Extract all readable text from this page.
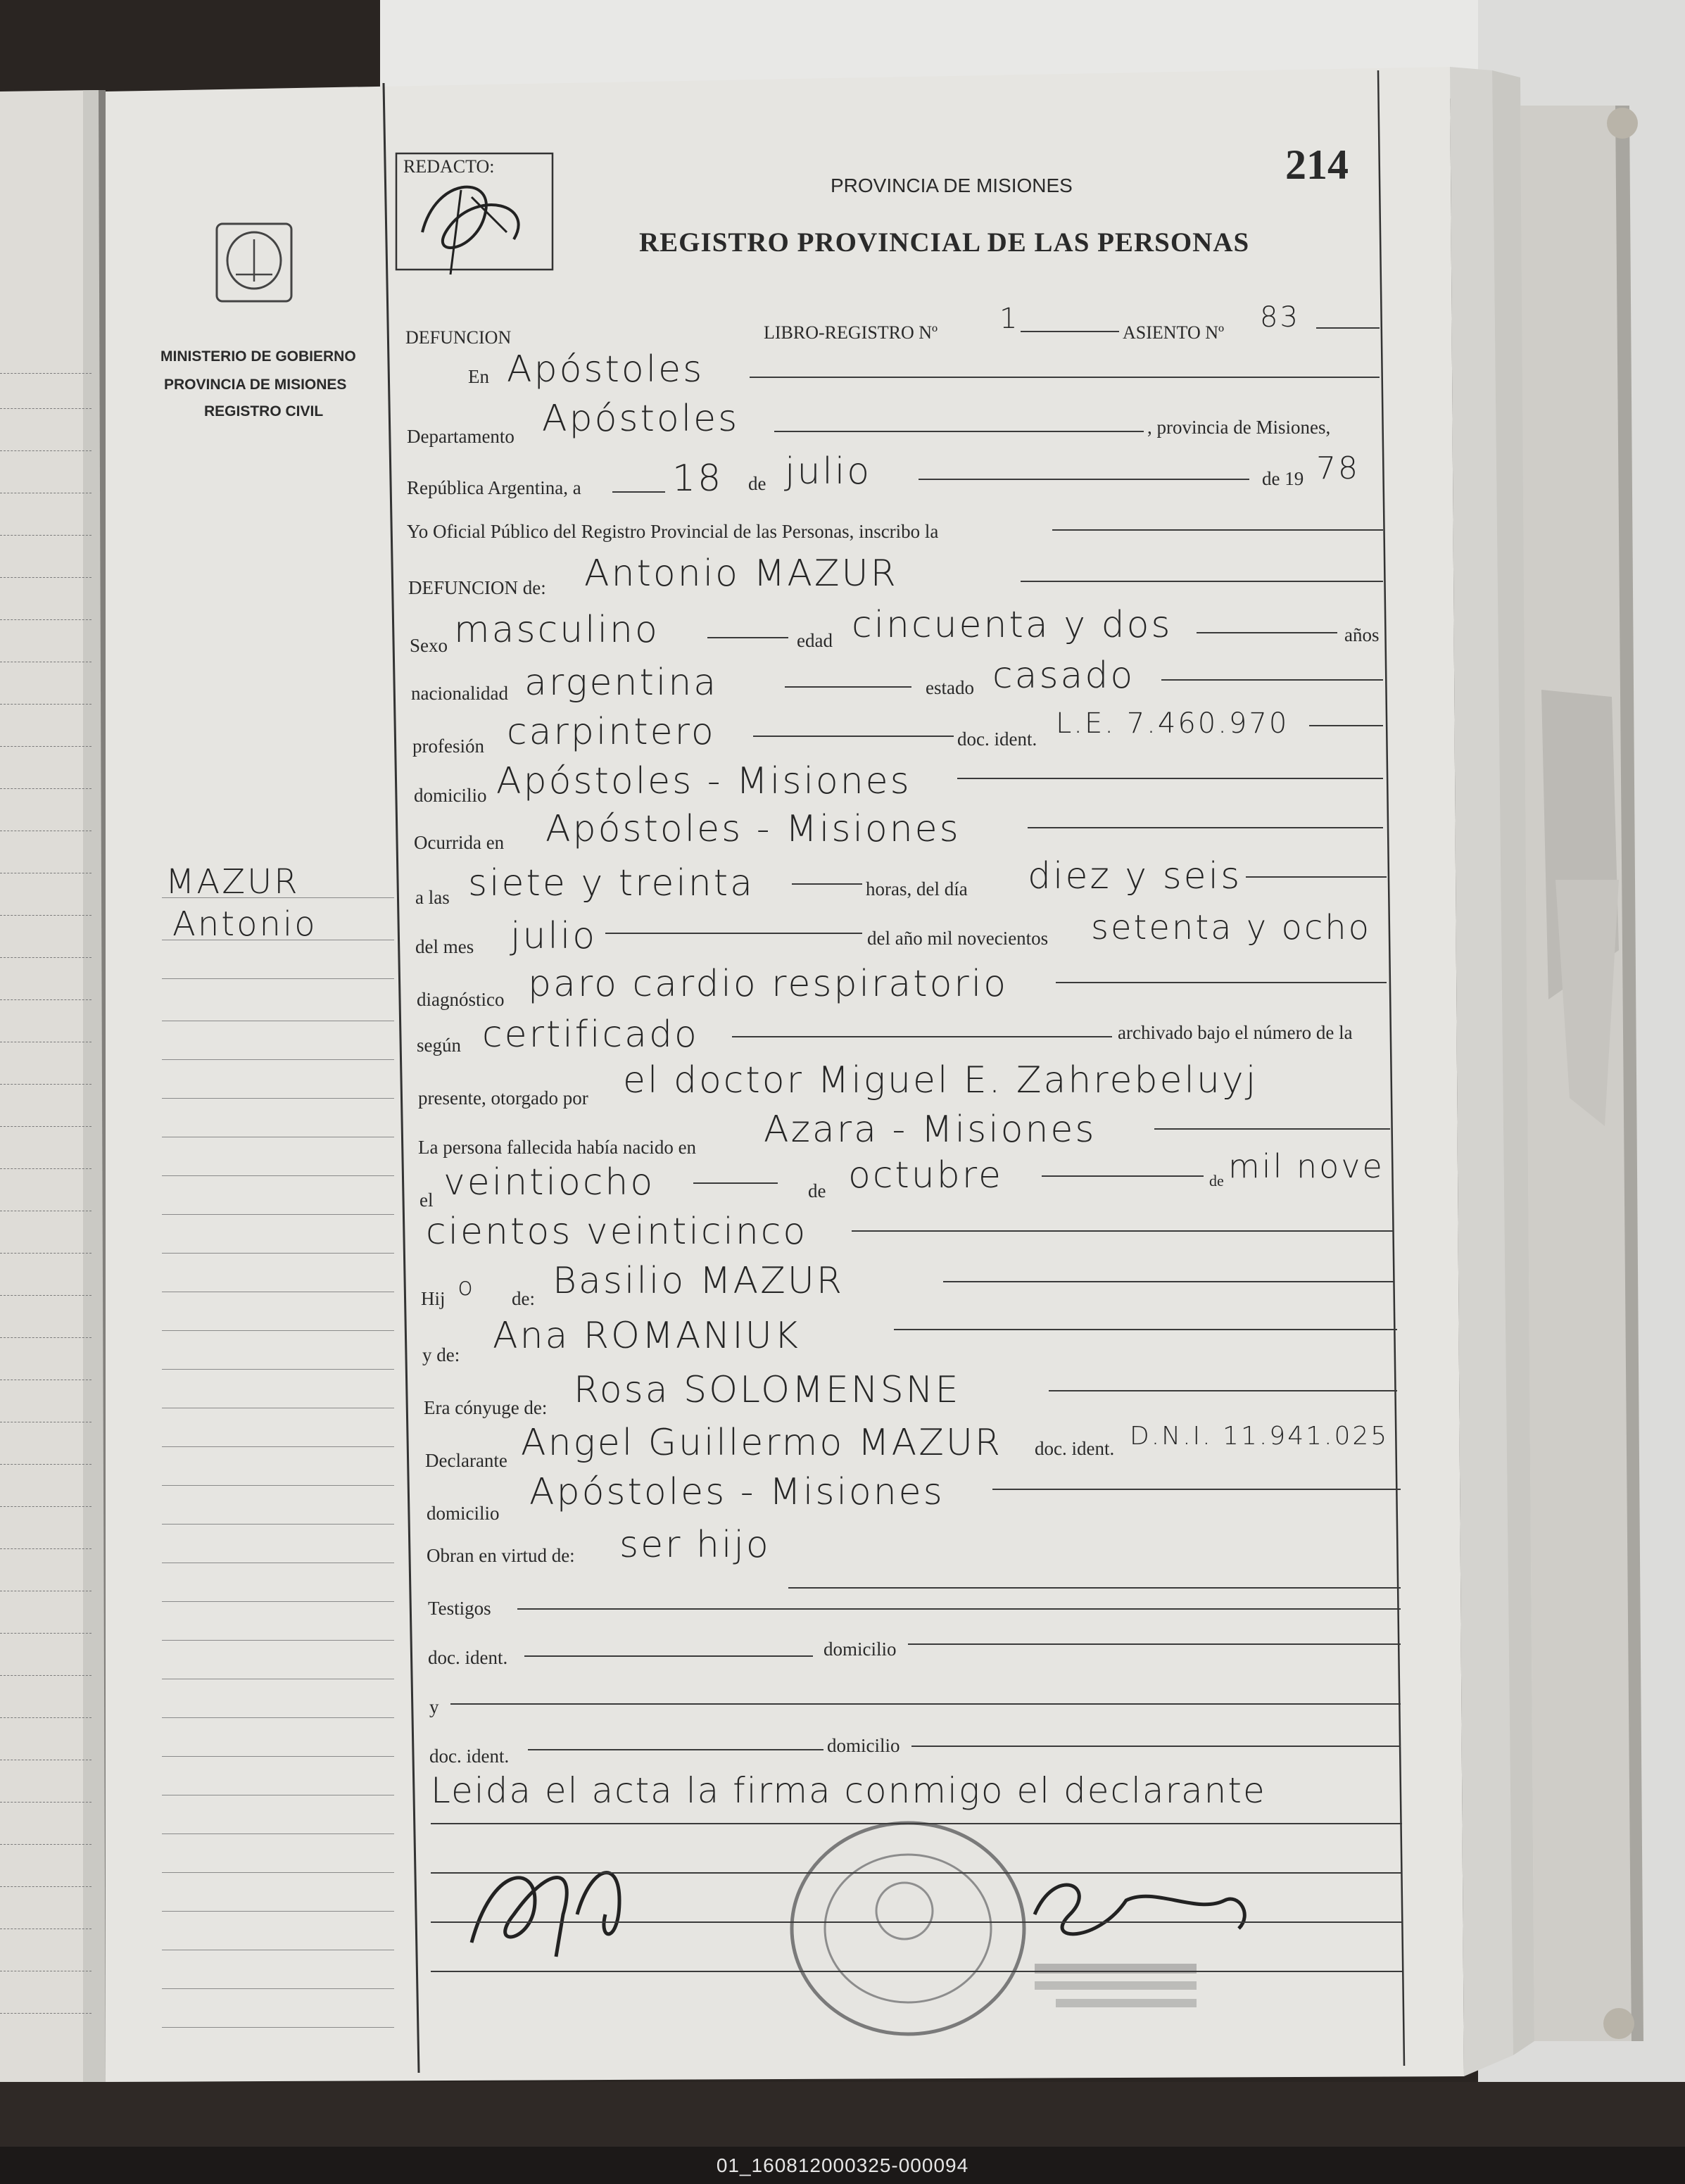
REDACTO:
PROVINCIA DE MISIONES
REGISTRO PROVINCIAL DE LAS PERSONAS
214
MINISTERIO DE GOBIERNO
PROVINCIA DE MISIONES
REGISTRO CIVIL
DEFUNCION	LIBRO-REGISTRO Nº 1	ASIENTO Nº 83
MAZUR
Antonio
En Apóstoles
Departamento Apóstoles	, provincia de Misiones,
República Argentina, a 18 de julio	de 19 78
Yo Oficial Público del Registro Provincial de las Personas, inscribo la
DEFUNCION de: Antonio MAZUR
Sexo masculino	edad cincuenta y dos	años
nacionalidad argentina	estado casado
profesión carpintero	doc. ident. L.E. 7.460.970
domicilio Apóstoles - Misiones
Ocurrida en Apóstoles - Misiones
a las siete y treinta	horas, del día diez y seis
del mes julio	del año mil novecientos setenta y ocho
diagnóstico paro cardio respiratorio
según certificado	archivado bajo el número de la
presente, otorgado por el doctor Miguel E. Zahrebeluyj
La persona fallecida había nacido en Azara - Misiones
el veintiocho	de octubre	de mil nove
cientos veinticinco
Hij o de: Basilio MAZUR
y de: Ana ROMANIUK
Era cónyuge de: Rosa SOLOMENSNE
Declarante Angel Guillermo MAZUR doc. ident. D.N.I. 11.941.025
domicilio Apóstoles - Misiones
Obran en virtud de: ser hijo
Testigos
doc. ident.	domicilio
y
doc. ident.	domicilio
Leida el acta la firma conmigo el declarante
01_160812000325-000094
